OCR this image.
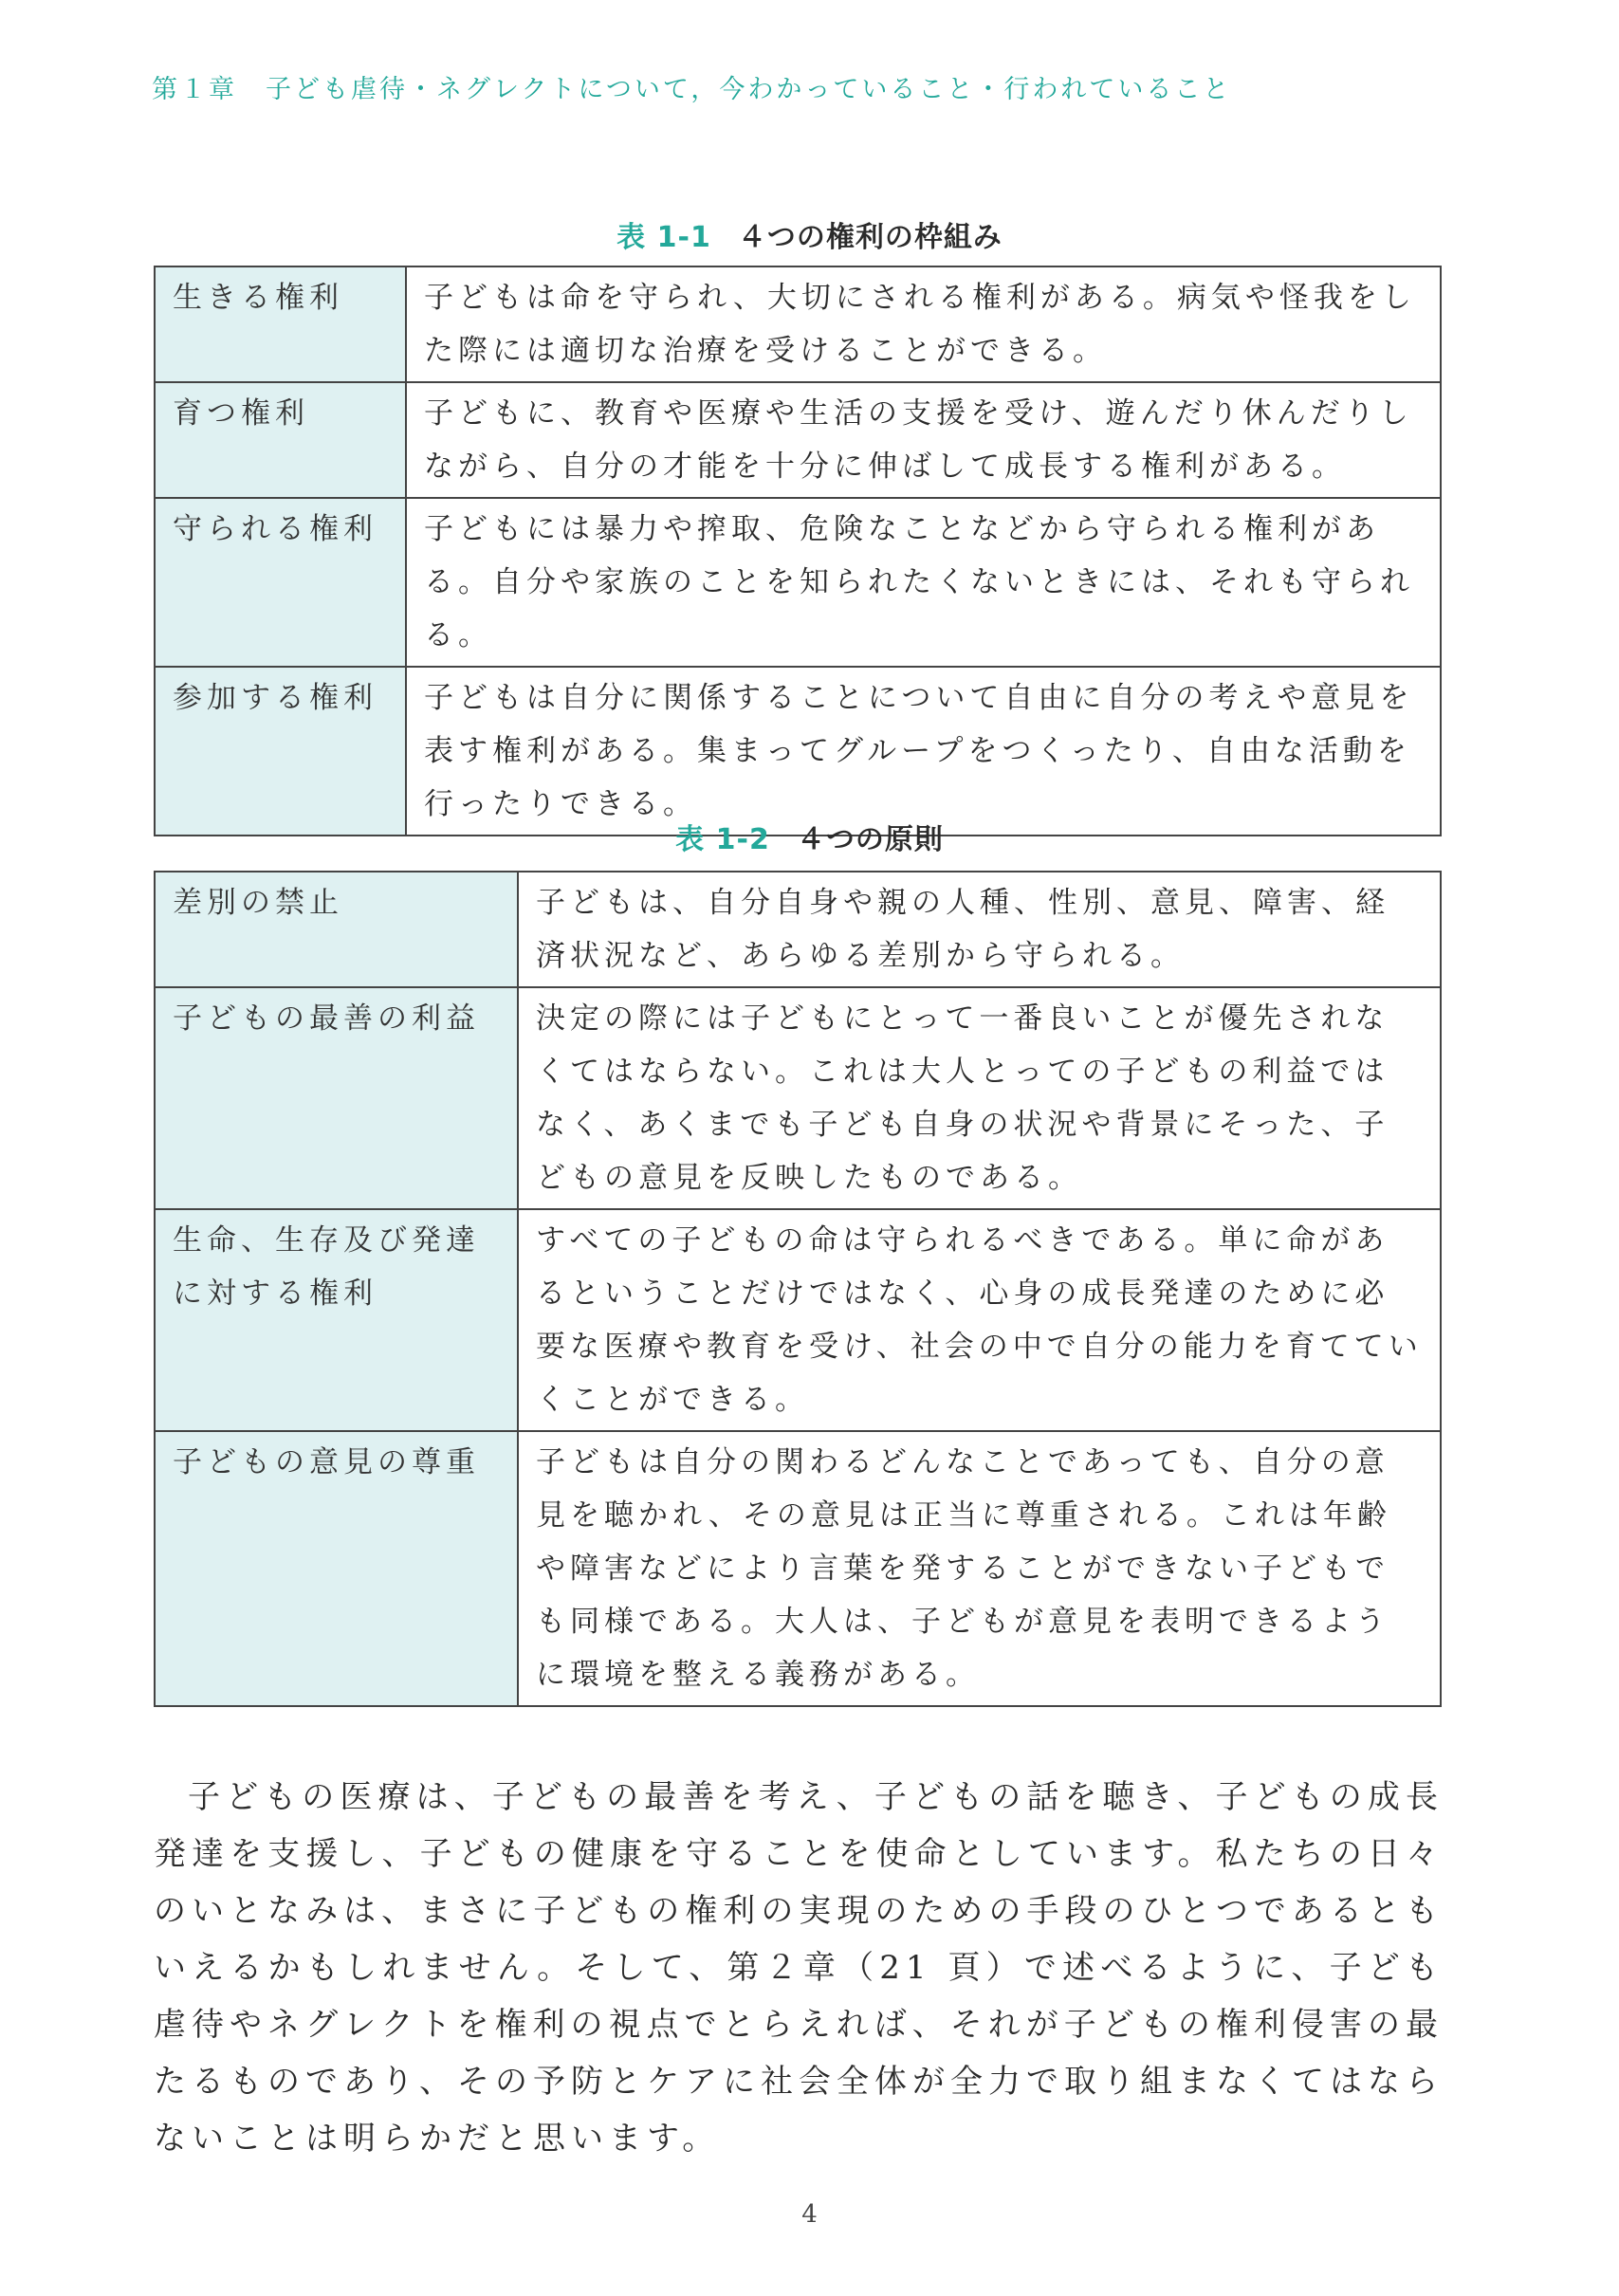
第１章　子ども虐待・ネグレクトについて，今わかっていること・行われていること
表 1-1 ４つの権利の枠組み
生きる権利	子どもは命を守られ、大切にされる権利がある。病気や怪我をした際には適切な治療を受けることができる。
育つ権利	子どもに、教育や医療や生活の支援を受け、遊んだり休んだりしながら、自分の才能を十分に伸ばして成長する権利がある。
守られる権利	子どもには暴力や搾取、危険なことなどから守られる権利がある。自分や家族のことを知られたくないときには、それも守られる。
参加する権利	子どもは自分に関係することについて自由に自分の考えや意見を表す権利がある。集まってグループをつくったり、自由な活動を行ったりできる。
表 1-2 ４つの原則
差別の禁止	子どもは、自分自身や親の人種、性別、意見、障害、経済状況など、あらゆる差別から守られる。
子どもの最善の利益	決定の際には子どもにとって一番良いことが優先されなくてはならない。これは大人とっての子どもの利益ではなく、あくまでも子ども自身の状況や背景にそった、子どもの意見を反映したものである。
生命、生存及び発達に対する権利	すべての子どもの命は守られるべきである。単に命があるということだけではなく、心身の成長発達のために必要な医療や教育を受け、社会の中で自分の能力を育てていくことができる。
子どもの意見の尊重	子どもは自分の関わるどんなことであっても、自分の意見を聴かれ、その意見は正当に尊重される。これは年齢や障害などにより言葉を発することができない子どもでも同様である。大人は、子どもが意見を表明できるように環境を整える義務がある。

子どもの医療は、子どもの最善を考え、子どもの話を聴き、子どもの成長発達を支援し、子どもの健康を守ることを使命としています。私たちの日々のいとなみは、まさに子どもの権利の実現のための手段のひとつであるともいえるかもしれません。そして、第２章（21 頁）で述べるように、子ども虐待やネグレクトを権利の視点でとらえれば、それが子どもの権利侵害の最たるものであり、その予防とケアに社会全体が全力で取り組まなくてはならないことは明らかだと思います。

4
